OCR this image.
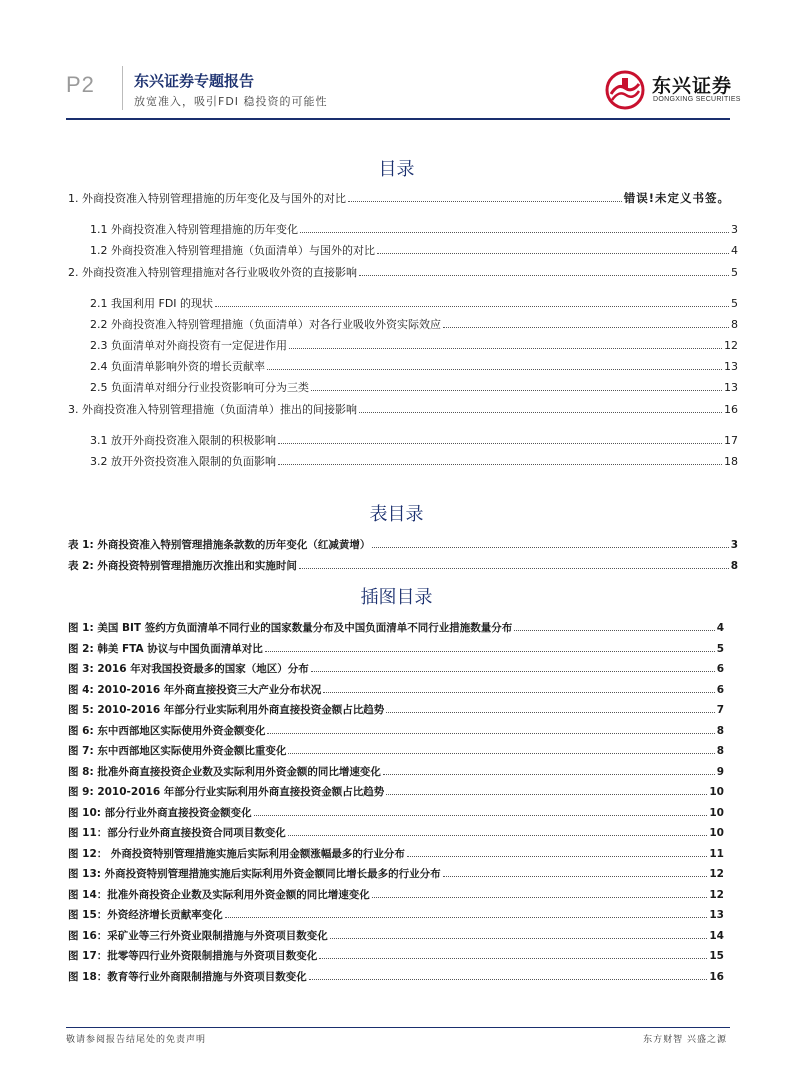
P2	东兴证券专题报告
放宽准入，吸引FDI 稳投资的可能性
东兴证券
DONGXING SECURITIES
目录
1. 外商投资准入特别管理措施的历年变化及与国外的对比	错误!未定义书签。
1.1 外商投资准入特别管理措施的历年变化	3
1.2 外商投资准入特别管理措施（负面清单）与国外的对比	4
2. 外商投资准入特别管理措施对各行业吸收外资的直接影响	5
2.1 我国利用 FDI 的现状	5
2.2 外商投资准入特别管理措施（负面清单）对各行业吸收外资实际效应	8
2.3 负面清单对外商投资有一定促进作用	12
2.4 负面清单影响外资的增长贡献率	13
2.5 负面清单对细分行业投资影响可分为三类	13
3. 外商投资准入特别管理措施（负面清单）推出的间接影响	16
3.1 放开外商投资准入限制的积极影响	17
3.2 放开外资投资准入限制的负面影响	18
表目录
表 1: 外商投资准入特别管理措施条款数的历年变化（红减黄增）	3
表 2: 外商投资特别管理措施历次推出和实施时间	8
插图目录
图 1: 美国 BIT 签约方负面清单不同行业的国家数量分布及中国负面清单不同行业措施数量分布	4
图 2: 韩美 FTA 协议与中国负面清单对比	5
图 3: 2016 年对我国投资最多的国家（地区）分布	6
图 4: 2010-2016 年外商直接投资三大产业分布状况	6
图 5: 2010-2016 年部分行业实际利用外商直接投资金额占比趋势	7
图 6: 东中西部地区实际使用外资金额变化	8
图 7: 东中西部地区实际使用外资金额比重变化	8
图 8: 批准外商直接投资企业数及实际利用外资金额的同比增速变化	9
图 9: 2010-2016 年部分行业实际利用外商直接投资金额占比趋势	10
图 10: 部分行业外商直接投资金额变化	10
图 11：部分行业外商直接投资合同项目数变化	10
图 12： 外商投资特别管理措施实施后实际利用金额涨幅最多的行业分布	11
图 13: 外商投资特别管理措施实施后实际利用外资金额同比增长最多的行业分布	12
图 14：批准外商投资企业数及实际利用外资金额的同比增速变化	12
图 15：外资经济增长贡献率变化	13
图 16：采矿业等三行外资业限制措施与外资项目数变化	14
图 17：批零等四行业外资限制措施与外资项目数变化	15
图 18：教育等行业外商限制措施与外资项目数变化	16
敬请参阅报告结尾处的免责声明	东方财智 兴盛之源
